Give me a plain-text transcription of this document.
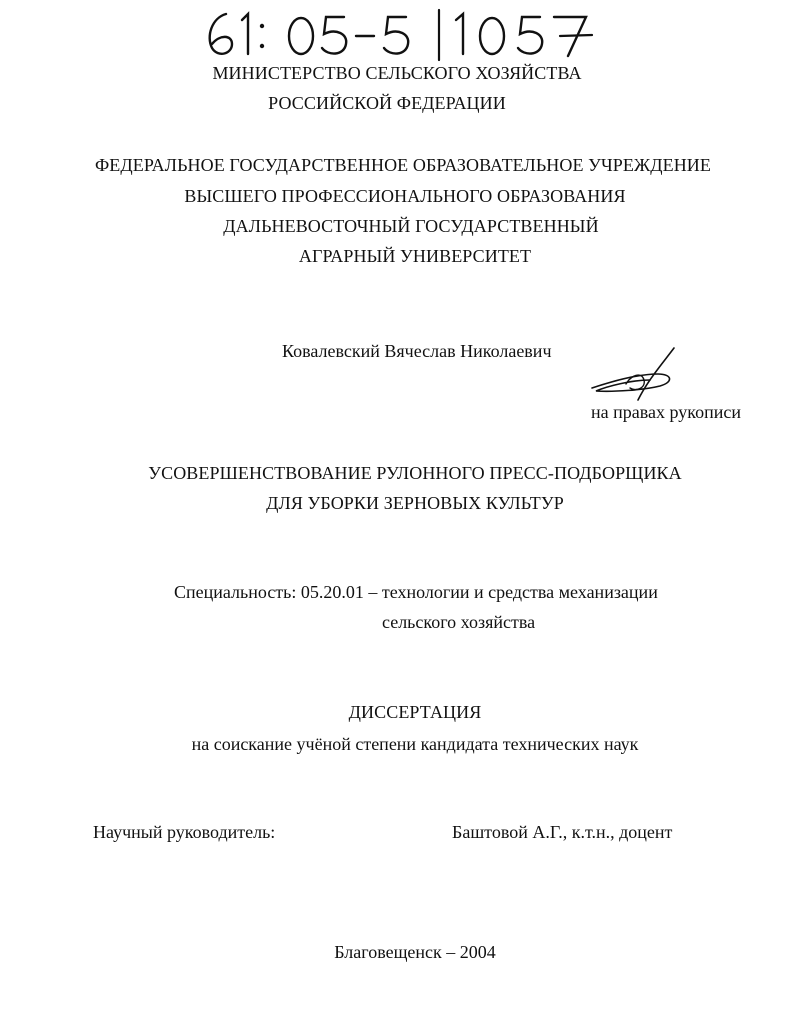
МИНИСТЕРСТВО СЕЛЬСКОГО ХОЗЯЙСТВА
РОССИЙСКОЙ ФЕДЕРАЦИИ
ФЕДЕРАЛЬНОЕ ГОСУДАРСТВЕННОЕ ОБРАЗОВАТЕЛЬНОЕ УЧРЕЖДЕНИЕ
ВЫСШЕГО ПРОФЕССИОНАЛЬНОГО ОБРАЗОВАНИЯ
ДАЛЬНЕВОСТОЧНЫЙ ГОСУДАРСТВЕННЫЙ
АГРАРНЫЙ УНИВЕРСИТЕТ
Ковалевский Вячеслав Николаевич
на правах рукописи
УСОВЕРШЕНСТВОВАНИЕ РУЛОННОГО ПРЕСС-ПОДБОРЩИКА
ДЛЯ УБОРКИ ЗЕРНОВЫХ КУЛЬТУР
Специальность: 05.20.01 – технологии и средства механизации
сельского хозяйства
ДИССЕРТАЦИЯ
на соискание учёной степени кандидата технических наук
Научный руководитель:	Баштовой А.Г., к.т.н., доцент
Благовещенск – 2004
